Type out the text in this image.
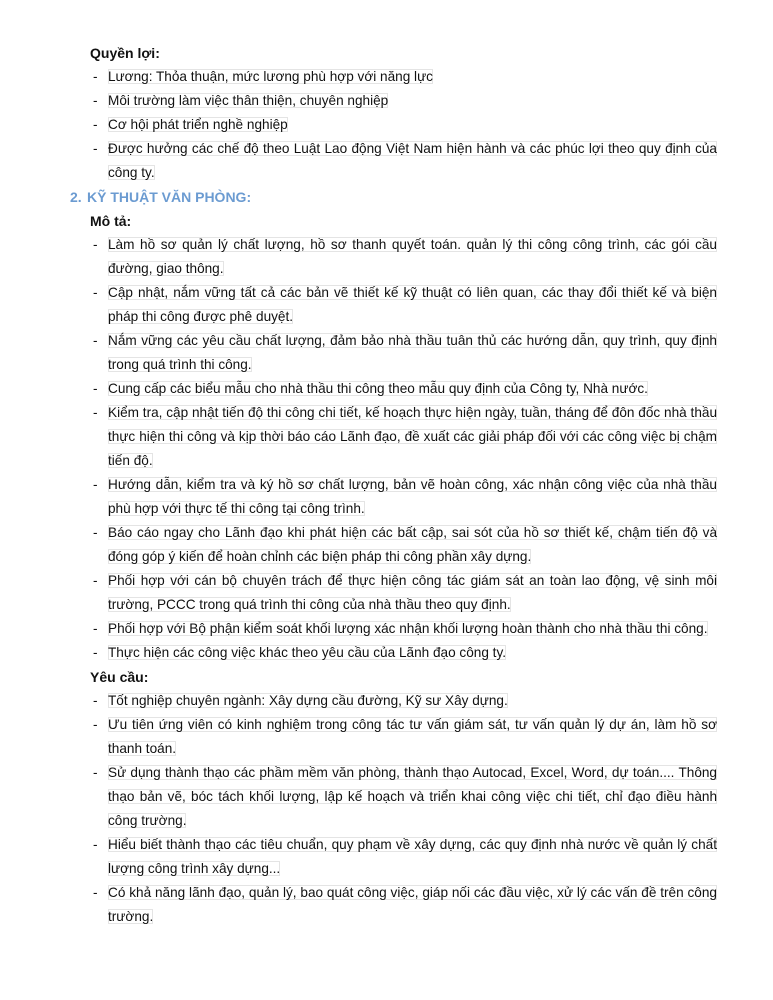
Quyền lợi:
- Lương: Thỏa thuận, mức lương phù hợp với năng lực
- Môi trường làm việc thân thiện, chuyên nghiệp
- Cơ hội phát triển nghề nghiệp
- Được hưởng các chế độ theo Luật Lao động Việt Nam hiện hành và các phúc lợi theo quy định của công ty.
2. KỸ THUẬT VĂN PHÒNG:
Mô tả:
- Làm hồ sơ quản lý chất lượng, hồ sơ thanh quyết toán. quản lý thi công công trình, các gói cầu đường, giao thông.
- Cập nhật, nắm vững tất cả các bản vẽ thiết kế kỹ thuật có liên quan, các thay đổi thiết kế và biện pháp thi công được phê duyệt.
- Nắm vững các yêu cầu chất lượng, đảm bảo nhà thầu tuân thủ các hướng dẫn, quy trình, quy định trong quá trình thi công.
- Cung cấp các biểu mẫu cho nhà thầu thi công theo mẫu quy định của Công ty, Nhà nước.
- Kiểm tra, cập nhật tiến độ thi công chi tiết, kế hoạch thực hiện ngày, tuần, tháng để đôn đốc nhà thầu thực hiện thi công và kịp thời báo cáo Lãnh đạo, đề xuất các giải pháp đối với các công việc bị chậm tiến độ.
- Hướng dẫn, kiểm tra và ký hồ sơ chất lượng, bản vẽ hoàn công, xác nhận công việc của nhà thầu phù hợp với thực tế thi công tại công trình.
- Báo cáo ngay cho Lãnh đạo khi phát hiện các bất cập, sai sót của hồ sơ thiết kế, chậm tiến độ và đóng góp ý kiến để hoàn chỉnh các biện pháp thi công phần xây dựng.
- Phối hợp với cán bộ chuyên trách để thực hiện công tác giám sát an toàn lao động, vệ sinh môi trường, PCCC trong quá trình thi công của nhà thầu theo quy định.
- Phối hợp với Bộ phận kiểm soát khối lượng xác nhận khối lượng hoàn thành cho nhà thầu thi công.
- Thực hiện các công việc khác theo yêu cầu của Lãnh đạo công ty.
Yêu cầu:
- Tốt nghiệp chuyên ngành: Xây dựng cầu đường, Kỹ sư Xây dựng.
- Ưu tiên ứng viên có kinh nghiệm trong công tác tư vấn giám sát, tư vấn quản lý dự án, làm hồ sơ thanh toán.
- Sử dụng thành thạo các phầm mềm văn phòng, thành thạo Autocad, Excel, Word, dự toán.... Thông thạo bản vẽ, bóc tách khối lượng, lập kế hoạch và triển khai công việc chi tiết, chỉ đạo điều hành công trường.
- Hiểu biết thành thạo các tiêu chuẩn, quy phạm về xây dựng, các quy định nhà nước về quản lý chất lượng công trình xây dựng...
- Có khả năng lãnh đạo, quản lý, bao quát công việc, giáp nối các đầu việc, xử lý các vấn đề trên công trường.
